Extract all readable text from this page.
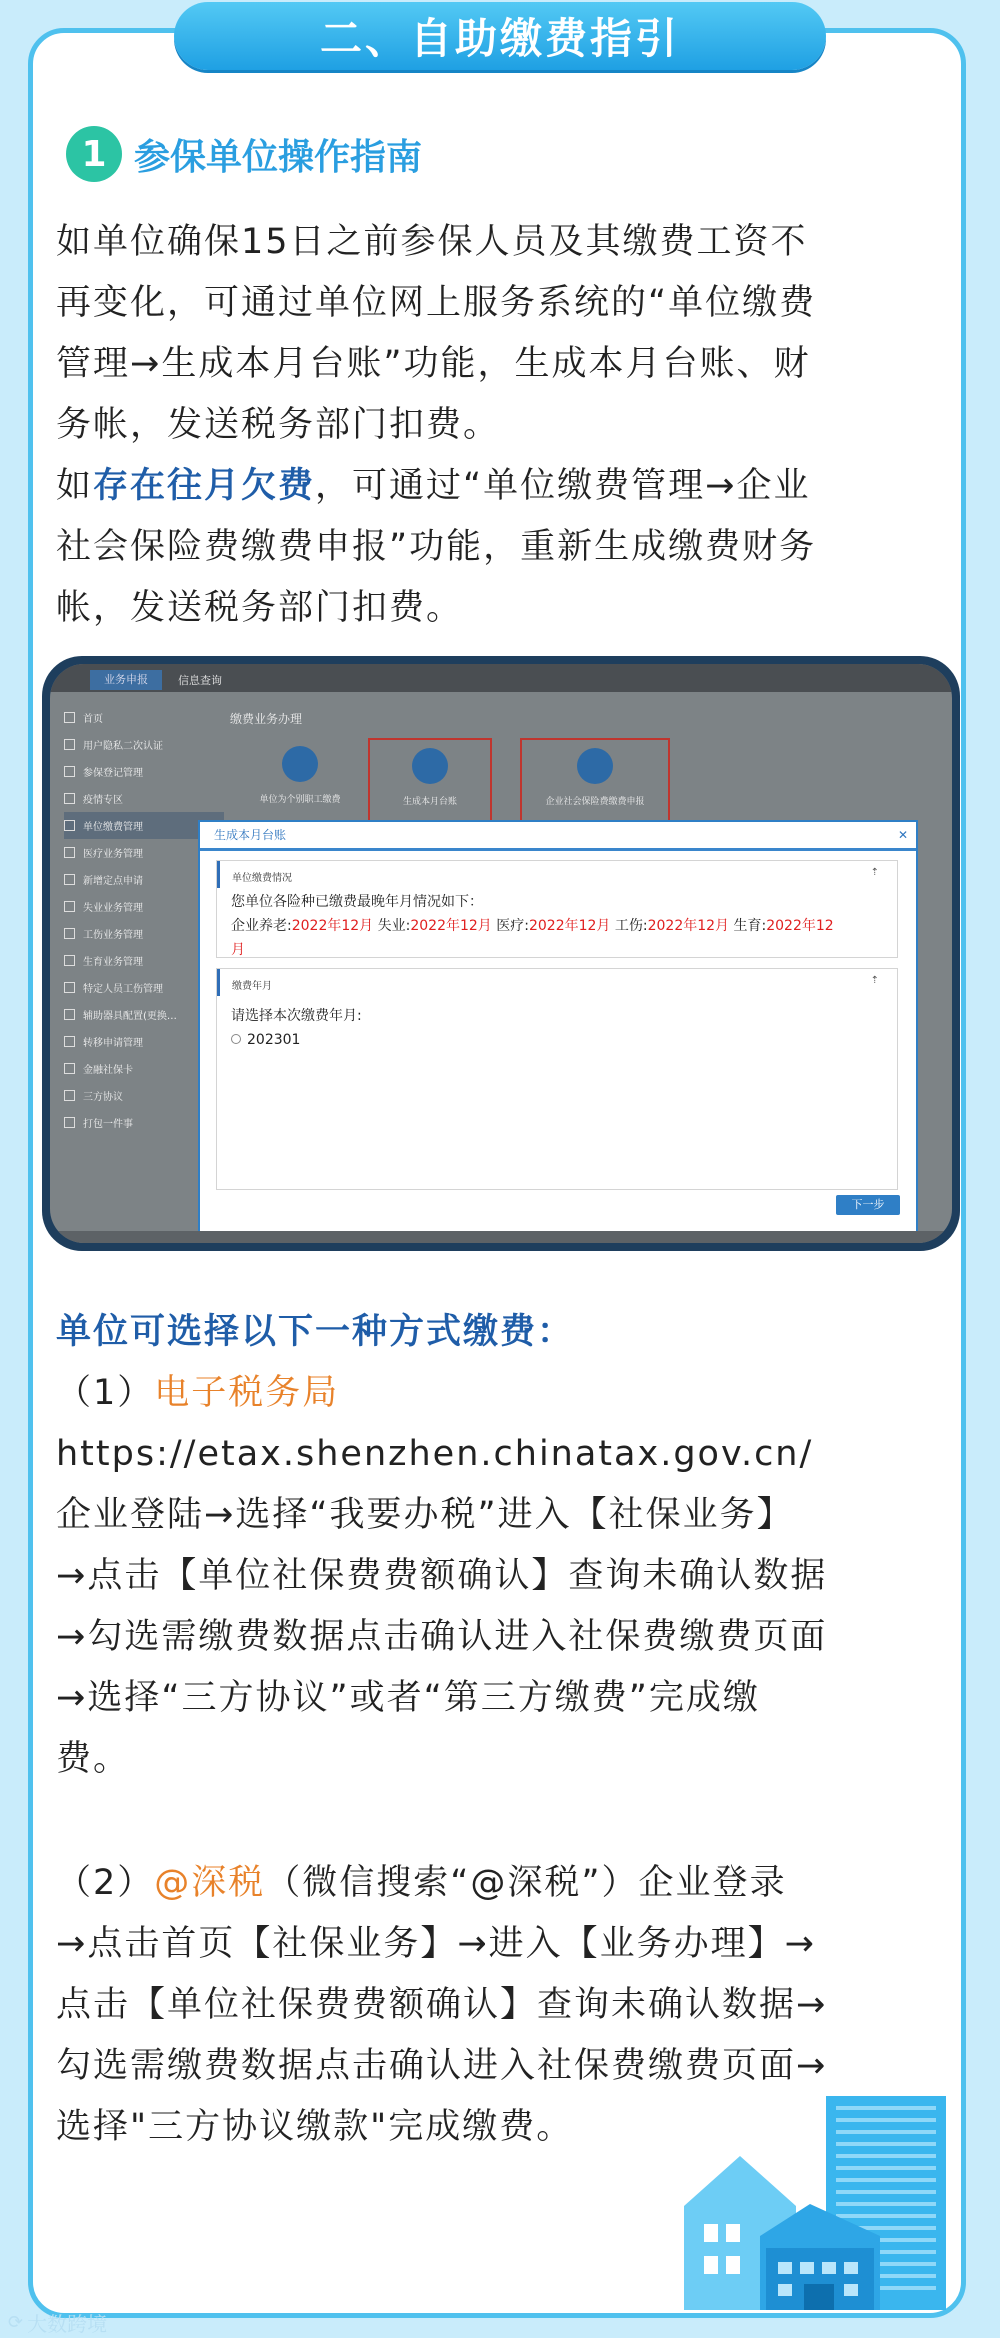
二、自助缴费指引
1 参保单位操作指南
如单位确保15日之前参保人员及其缴费工资不
再变化，可通过单位网上服务系统的“单位缴费
管理→生成本月台账”功能，生成本月台账、财
务帐，发送税务部门扣费。
如存在往月欠费，可通过“单位缴费管理→企业
社会保险费缴费申报”功能，重新生成缴费财务
帐，发送税务部门扣费。
业务申报	信息查询
首页
用户隐私二次认证
参保登记管理
疫情专区
单位缴费管理
医疗业务管理
新增定点申请
失业业务管理
工伤业务管理
生育业务管理
特定人员工伤管理
辅助器具配置(更换…
转移申请管理
金融社保卡
三方协议
打包一件事
缴费业务办理
单位为个别职工缴费	生成本月台账	企业社会保险费缴费申报
生成本月台账	✕
单位缴费情况
⇡
您单位各险种已缴费最晚年月情况如下：
企业养老:2022年12月 失业:2022年12月 医疗:2022年12月 工伤:2022年12月 生育:2022年12
月
缴费年月
⇡
请选择本次缴费年月:
202301
下一步
单位可选择以下一种方式缴费：
（1）电子税务局
https://etax.shenzhen.chinatax.gov.cn/
企业登陆→选择“我要办税”进入【社保业务】
→点击【单位社保费费额确认】查询未确认数据
→勾选需缴费数据点击确认进入社保费缴费页面
→选择“三方协议”或者“第三方缴费”完成缴
费。
（2）@深税（微信搜索“@深税”）企业登录
→点击首页【社保业务】→进入【业务办理】→
点击【单位社保费费额确认】查询未确认数据→
勾选需缴费数据点击确认进入社保费缴费页面→
选择"三方协议缴款"完成缴费。
⟳ 大数跨境
